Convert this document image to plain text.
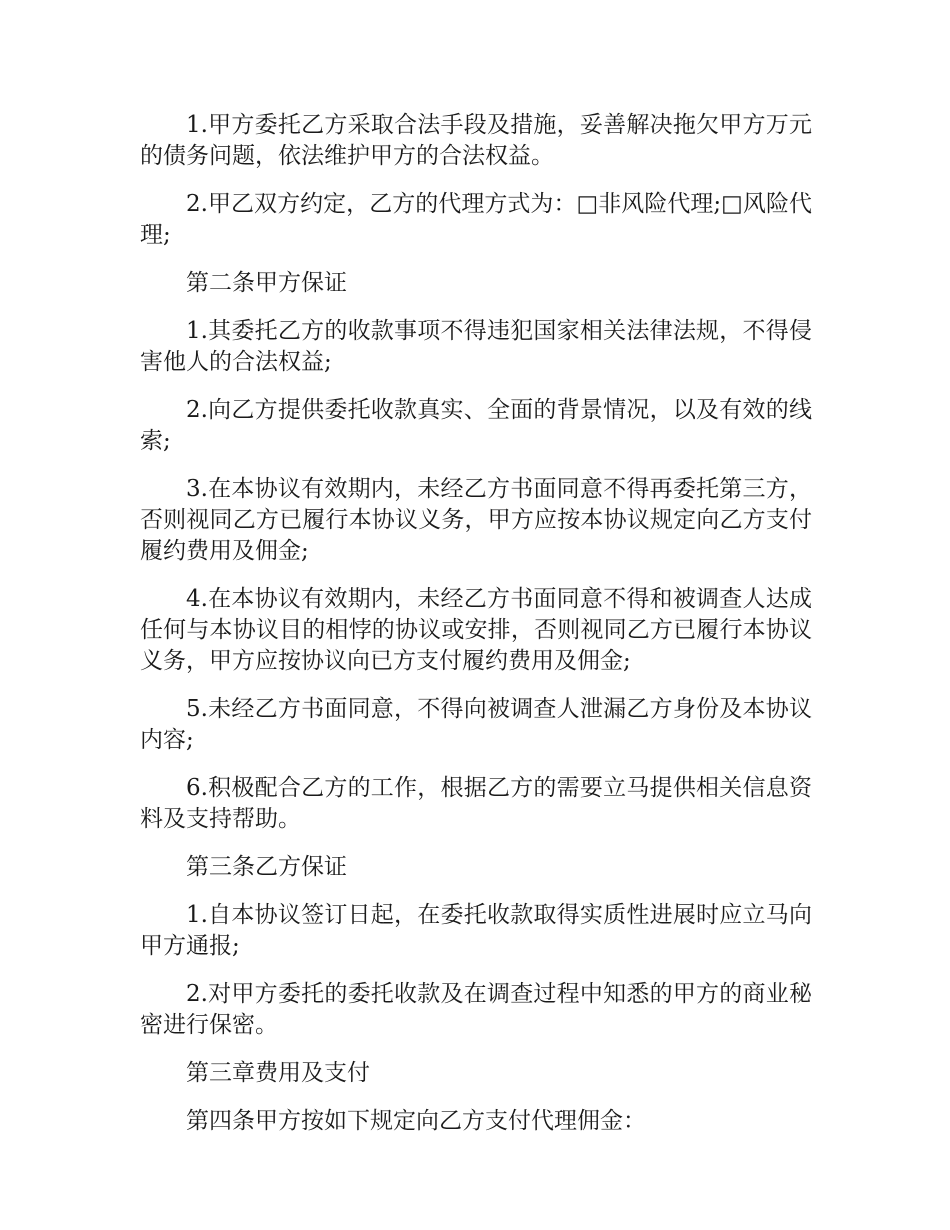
1.甲方委托乙方采取合法手段及措施，妥善解决拖欠甲方万元的债务问题，依法维护甲方的合法权益。

2.甲乙双方约定，乙方的代理方式为：□非风险代理;□风险代理;

第二条甲方保证

1.其委托乙方的收款事项不得违犯国家相关法律法规，不得侵害他人的合法权益;

2.向乙方提供委托收款真实、全面的背景情况，以及有效的线索;

3.在本协议有效期内，未经乙方书面同意不得再委托第三方，否则视同乙方已履行本协议义务，甲方应按本协议规定向乙方支付履约费用及佣金;

4.在本协议有效期内，未经乙方书面同意不得和被调查人达成任何与本协议目的相悖的协议或安排，否则视同乙方已履行本协议义务，甲方应按协议向已方支付履约费用及佣金;

5.未经乙方书面同意，不得向被调查人泄漏乙方身份及本协议内容;

6.积极配合乙方的工作，根据乙方的需要立马提供相关信息资料及支持帮助。

第三条乙方保证

1.自本协议签订日起，在委托收款取得实质性进展时应立马向甲方通报;

2.对甲方委托的委托收款及在调查过程中知悉的甲方的商业秘密进行保密。

第三章费用及支付

第四条甲方按如下规定向乙方支付代理佣金：
